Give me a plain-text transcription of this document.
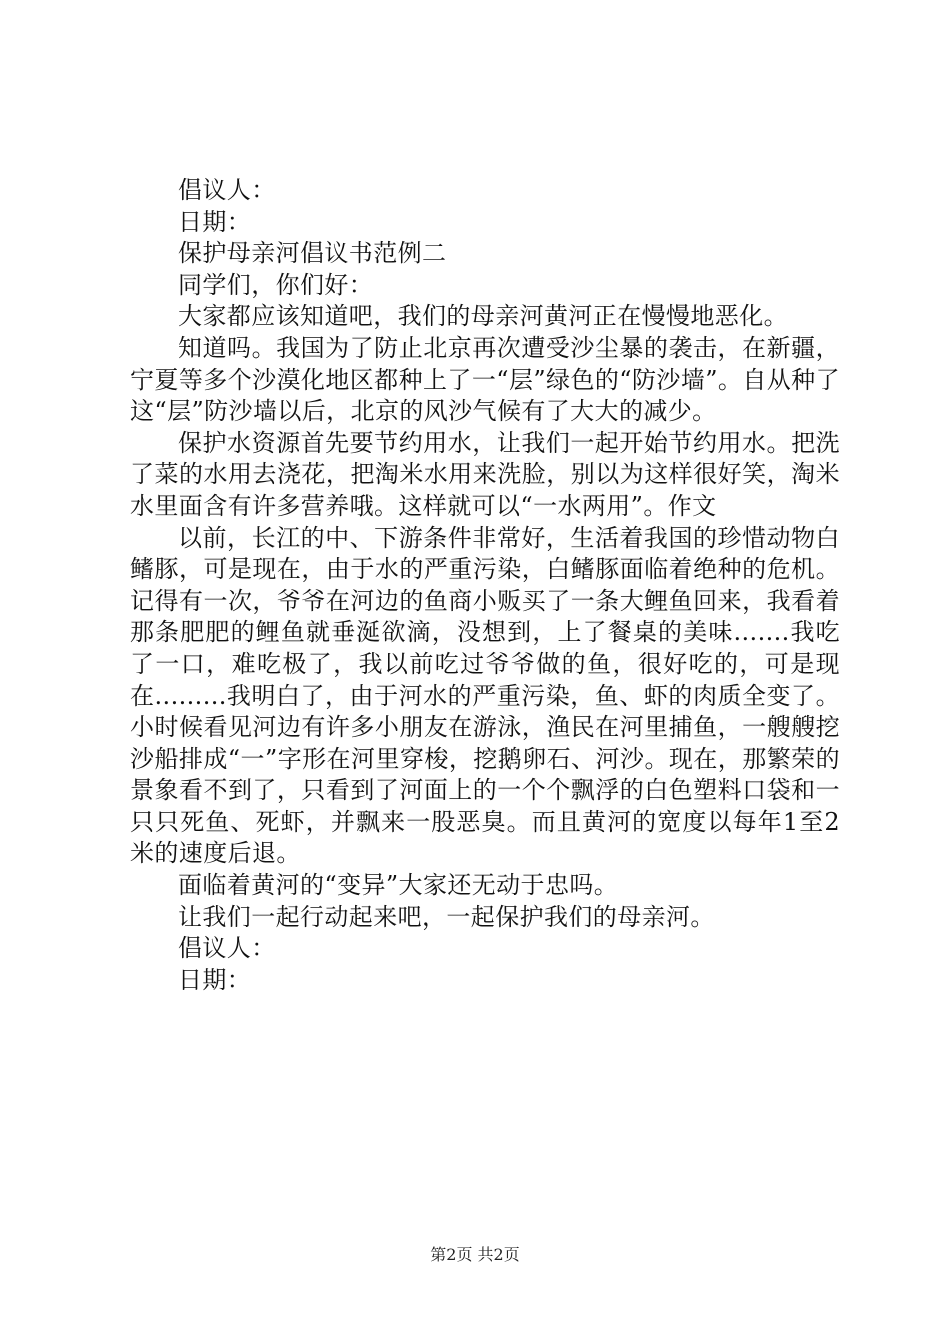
倡议人：
日期：
保护母亲河倡议书范例二
同学们，你们好：
大家都应该知道吧，我们的母亲河黄河正在慢慢地恶化。
知道吗。我国为了防止北京再次遭受沙尘暴的袭击，在新疆，宁夏等多个沙漠化地区都种上了一“层”绿色的“防沙墙”。自从种了这“层”防沙墙以后，北京的风沙气候有了大大的减少。
保护水资源首先要节约用水，让我们一起开始节约用水。把洗了菜的水用去浇花，把淘米水用来洗脸，别以为这样很好笑，淘米水里面含有许多营养哦。这样就可以“一水两用”。作文
以前，长江的中、下游条件非常好，生活着我国的珍惜动物白鳍豚，可是现在，由于水的严重污染，白鳍豚面临着绝种的危机。记得有一次，爷爷在河边的鱼商小贩买了一条大鲤鱼回来，我看着那条肥肥的鲤鱼就垂涎欲滴，没想到，上了餐桌的美味.......我吃了一口，难吃极了，我以前吃过爷爷做的鱼，很好吃的，可是现在.........我明白了，由于河水的严重污染，鱼、虾的肉质全变了。小时候看见河边有许多小朋友在游泳，渔民在河里捕鱼，一艘艘挖沙船排成“一”字形在河里穿梭，挖鹅卵石、河沙。现在，那繁荣的景象看不到了，只看到了河面上的一个个飘浮的白色塑料口袋和一只只死鱼、死虾，并飘来一股恶臭。而且黄河的宽度以每年1至2米的速度后退。
面临着黄河的“变异”大家还无动于忠吗。
让我们一起行动起来吧，一起保护我们的母亲河。
倡议人：
日期：
第2页 共2页
